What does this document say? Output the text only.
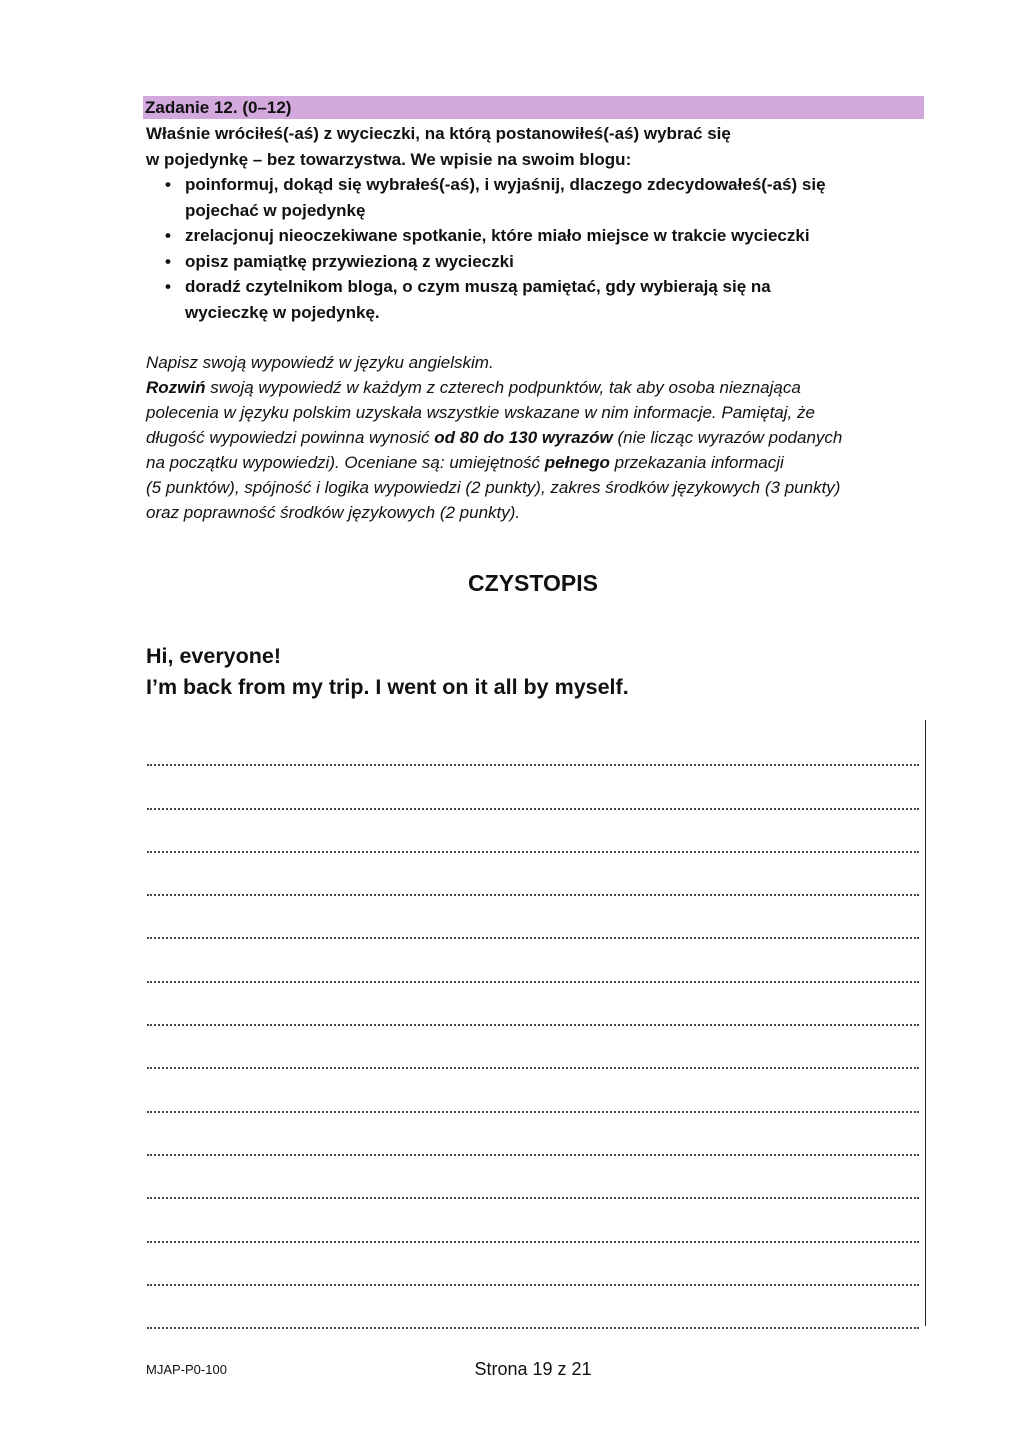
Zadanie 12. (0–12)

Właśnie wróciłeś(-aś) z wycieczki, na którą postanowiłeś(-aś) wybrać się

w pojedynkę – bez towarzystwa. We wpisie na swoim blogu:

• poinformuj, dokąd się wybrałeś(-aś), i wyjaśnij, dlaczego zdecydowałeś(-aś) się
pojechać w pojedynkę
• zrelacjonuj nieoczekiwane spotkanie, które miało miejsce w trakcie wycieczki
• opisz pamiątkę przywiezioną z wycieczki
• doradź czytelnikom bloga, o czym muszą pamiętać, gdy wybierają się na
wycieczkę w pojedynkę.

Napisz swoją wypowiedź w języku angielskim.

Rozwiń swoją wypowiedź w każdym z czterech podpunktów, tak aby osoba nieznająca

polecenia w języku polskim uzyskała wszystkie wskazane w nim informacje. Pamiętaj, że

długość wypowiedzi powinna wynosić od 80 do 130 wyrazów (nie licząc wyrazów podanych

na początku wypowiedzi). Oceniane są: umiejętność pełnego przekazania informacji

(5 punktów), spójność i logika wypowiedzi (2 punkty), zakres środków językowych (3 punkty)

oraz poprawność środków językowych (2 punkty).

CZYSTOPIS

Hi, everyone!

I’m back from my trip. I went on it all by myself.

MJAP-P0-100	Strona 19 z 21
